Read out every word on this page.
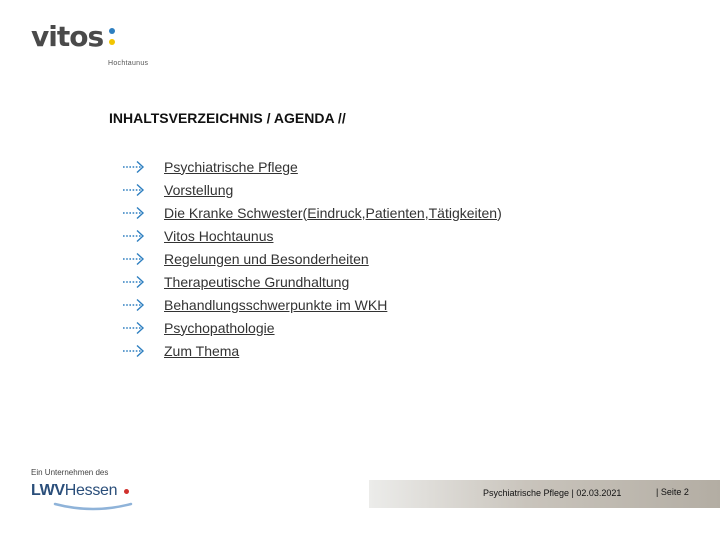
vitos
Hochtaunus
INHALTSVERZEICHNIS / AGENDA //
Psychiatrische Pflege
Vorstellung
Die Kranke Schwester ( Eindruck , Patienten , Tätigkeiten )
Vitos Hochtaunus
Regelungen und Besonderheiten
Therapeutische Grundhaltung
Behandlungsschwerpunkte im WKH
Psychopathologie
Zum Thema
Ein Unternehmen des
LWVHessen	Psychiatrische Pflege | 02.03.2021	| Seite 2
